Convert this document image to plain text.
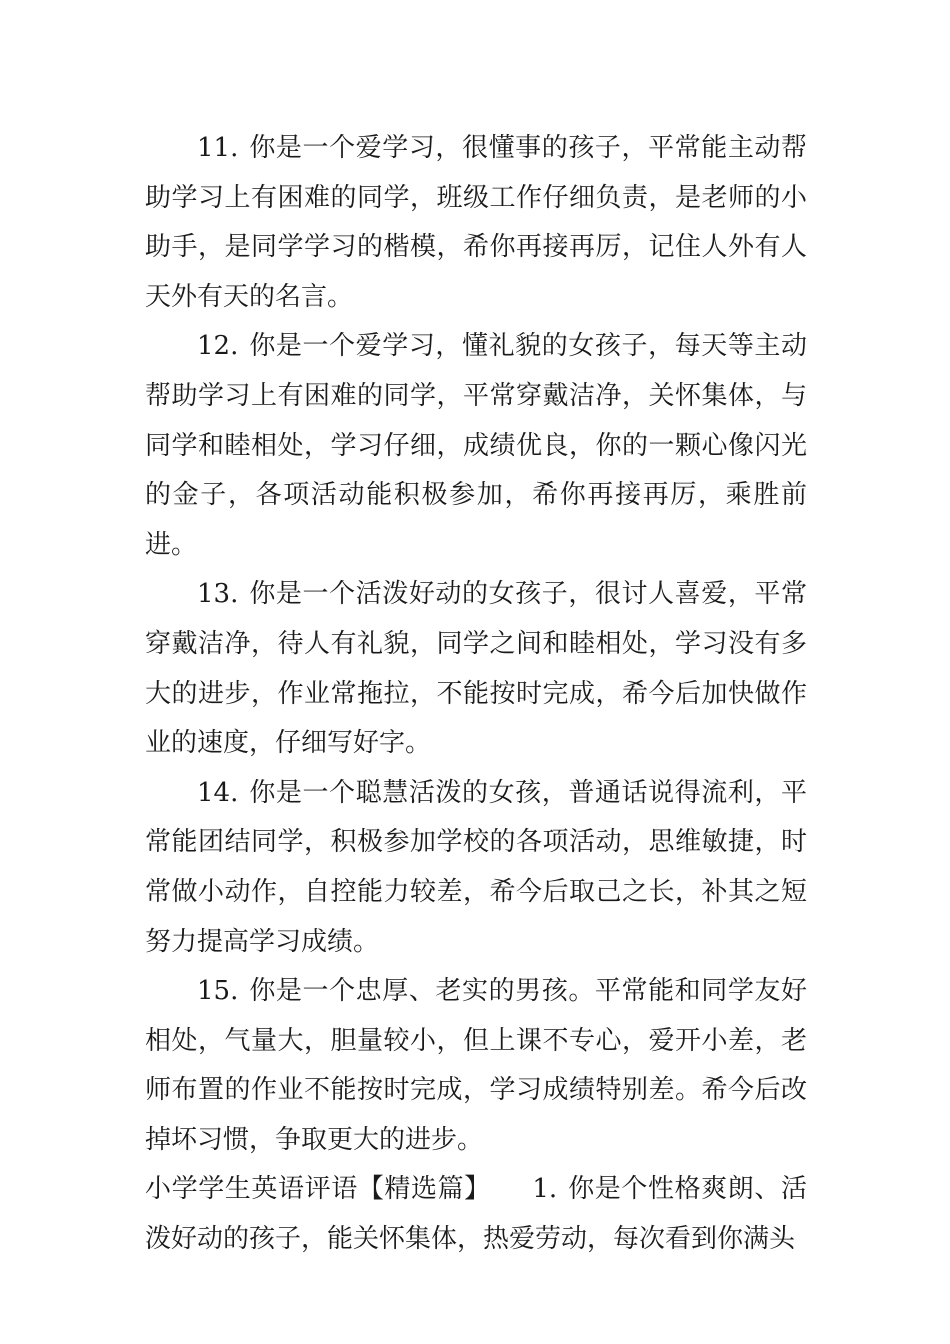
11. 你是一个爱学习，很懂事的孩子，平常能主动帮助学习上有困难的同学，班级工作仔细负责，是老师的小助手，是同学学习的楷模，希你再接再厉，记住人外有人天外有天的名言。

12. 你是一个爱学习，懂礼貌的女孩子，每天等主动帮助学习上有困难的同学，平常穿戴洁净，关怀集体，与同学和睦相处，学习仔细，成绩优良，你的一颗心像闪光的金子，各项活动能积极参加，希你再接再厉，乘胜前进。

13. 你是一个活泼好动的女孩子，很讨人喜爱，平常穿戴洁净，待人有礼貌，同学之间和睦相处，学习没有多大的进步，作业常拖拉，不能按时完成，希今后加快做作业的速度，仔细写好字。

14. 你是一个聪慧活泼的女孩，普通话说得流利，平常能团结同学，积极参加学校的各项活动，思维敏捷，时常做小动作，自控能力较差，希今后取己之长，补其之短努力提高学习成绩。

15. 你是一个忠厚、老实的男孩。平常能和同学友好相处，气量大，胆量较小，但上课不专心，爱开小差，老师布置的作业不能按时完成，学习成绩特别差。希今后改掉坏习惯，争取更大的进步。

小学学生英语评语【精选篇】 1. 你是个性格爽朗、活泼好动的孩子，能关怀集体，热爱劳动，每次看到你满头
